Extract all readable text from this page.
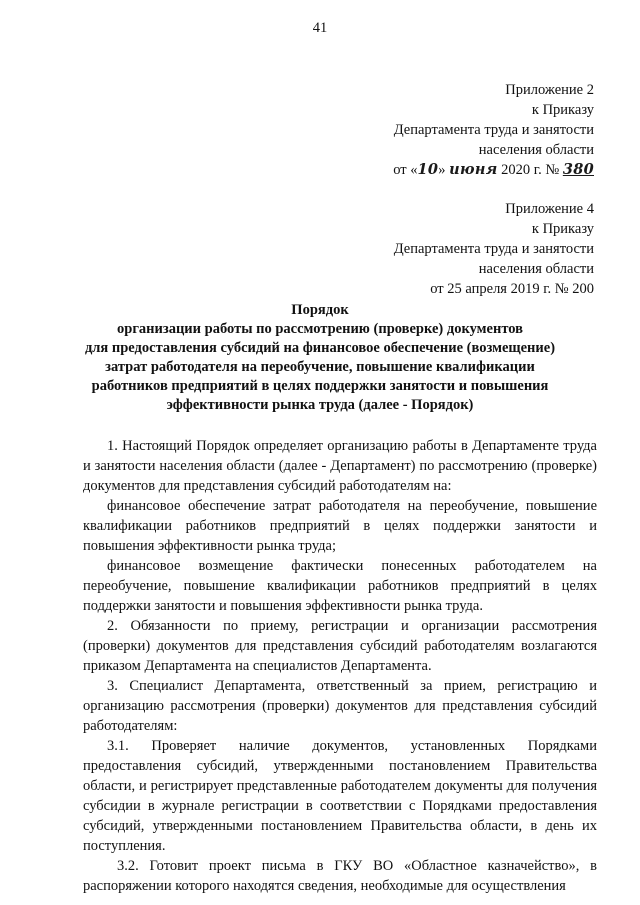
41
Приложение 2
к Приказу
Департамента труда и занятости
населения области
от «10» июня 2020 г. № 380
Приложение 4
к Приказу
Департамента труда и занятости
населения области
от 25 апреля 2019 г. № 200
Порядок
организации работы по рассмотрению (проверке) документов
для предоставления субсидий на финансовое обеспечение (возмещение)
затрат работодателя на переобучение, повышение квалификации
работников предприятий в целях поддержки занятости и повышения
эффективности рынка труда (далее - Порядок)

1. Настоящий Порядок определяет организацию работы в Департаменте труда и занятости населения области (далее - Департамент) по рассмотрению (проверке) документов для представления субсидий работодателям на:

финансовое обеспечение затрат работодателя на переобучение, повышение квалификации работников предприятий в целях поддержки занятости и повышения эффективности рынка труда;

финансовое возмещение фактически понесенных работодателем на переобучение, повышение квалификации работников предприятий в целях поддержки занятости и повышения эффективности рынка труда.

2. Обязанности по приему, регистрации и организации рассмотрения (проверки) документов для представления субсидий работодателям возлагаются приказом Департамента на специалистов Департамента.

3. Специалист Департамента, ответственный за прием, регистрацию и организацию рассмотрения (проверки) документов для представления субсидий работодателям:

3.1. Проверяет наличие документов, установленных Порядками предоставления субсидий, утвержденными постановлением Правительства области, и регистрирует представленные работодателем документы для получения субсидии в журнале регистрации в соответствии с Порядками предоставления субсидий, утвержденными постановлением Правительства области, в день их поступления.

3.2. Готовит проект письма в ГКУ ВО «Областное казначейство», в распоряжении которого находятся сведения, необходимые для осуществления
